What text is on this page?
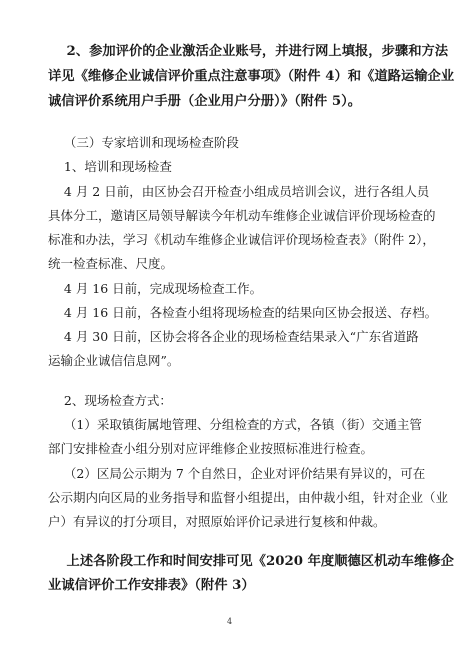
2、参加评价的企业激活企业账号，并进行网上填报，步骤和方法
详见《维修企业诚信评价重点注意事项》（附件 4）和《道路运输企业
诚信评价系统用户手册（企业用户分册）》（附件 5）。
（三）专家培训和现场检查阶段
1、培训和现场检查
4 月 2 日前，由区协会召开检查小组成员培训会议，进行各组人员
具体分工，邀请区局领导解读今年机动车维修企业诚信评价现场检查的
标准和办法，学习《机动车维修企业诚信评价现场检查表》（附件 2），
统一检查标准、尺度。
4 月 16 日前，完成现场检查工作。
4 月 16 日前，各检查小组将现场检查的结果向区协会报送、存档。
4 月 30 日前，区协会将各企业的现场检查结果录入“广东省道路
运输企业诚信信息网”。
2、现场检查方式：
（1）采取镇街属地管理、分组检查的方式，各镇（街）交通主管
部门安排检查小组分别对应评维修企业按照标准进行检查。
（2）区局公示期为 7 个自然日，企业对评价结果有异议的，可在
公示期内向区局的业务指导和监督小组提出，由仲裁小组，针对企业（业
户）有异议的打分项目，对照原始评价记录进行复核和仲裁。
上述各阶段工作和时间安排可见《2020 年度顺德区机动车维修企
业诚信评价工作安排表》（附件 3）
4
